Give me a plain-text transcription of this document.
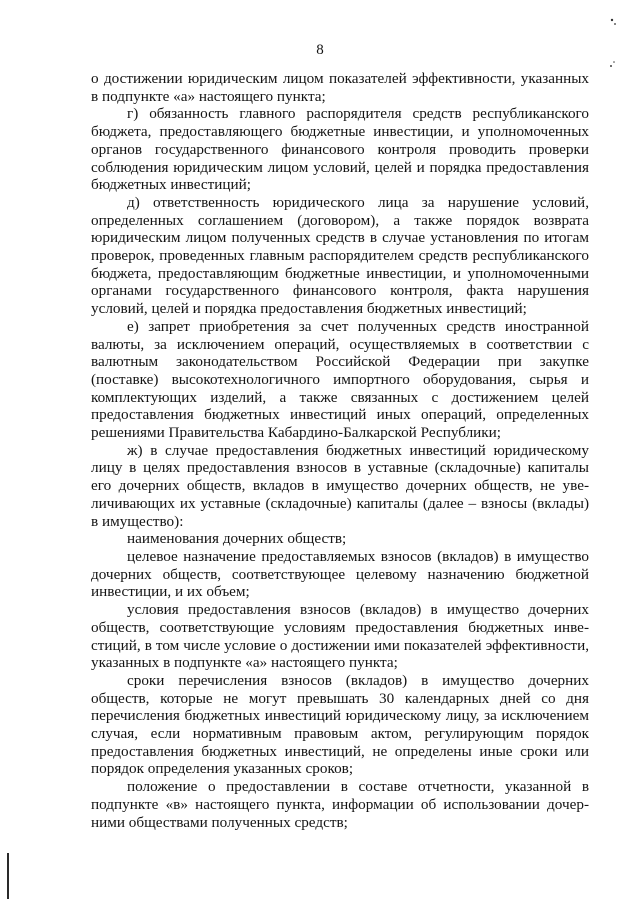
8

о достижении юридическим лицом показателей эффективности, указанных в подпункте «а» настоящего пункта;

г) обязанность главного распорядителя средств республиканского бюджета, предоставляющего бюджетные инвестиции, и уполномоченных органов государственного финансового контроля проводить проверки соблюдения юридическим лицом условий, целей и порядка предоставления бюджетных инвестиций;

д) ответственность юридического лица за нарушение условий, определенных соглашением (договором), а также порядок возврата юридическим лицом полученных средств в случае установления по итогам проверок, проведенных главным распорядителем средств республиканского бюджета, предоставляющим бюджетные инвестиции, и уполномоченными органами государственного финансового контроля, факта нарушения условий, целей и порядка предоставления бюджетных инвестиций;

е) запрет приобретения за счет полученных средств иностранной валюты, за исключением операций, осуществляемых в соответствии с валютным законодательством Российской Федерации при закупке (поставке) высокотехнологичного импортного оборудования, сырья и комплектующих изделий, а также связанных с достижением целей предоставления бюджетных инвестиций иных операций, определенных решениями Правительства Кабардино-Балкарской Республики;

ж) в случае предоставления бюджетных инвестиций юридическому лицу в целях предоставления взносов в уставные (складочные) капиталы его дочерних обществ, вкладов в имущество дочерних обществ, не увеличивающих их уставные (складочные) капиталы (далее – взносы (вклады) в имущество):

наименования дочерних обществ;

целевое назначение предоставляемых взносов (вкладов) в имущество дочерних обществ, соответствующее целевому назначению бюджетной инвестиции, и их объем;

условия предоставления взносов (вкладов) в имущество дочерних обществ, соответствующие условиям предоставления бюджетных инвестиций, в том числе условие о достижении ими показателей эффективности, указанных в подпункте «а» настоящего пункта;

сроки перечисления взносов (вкладов) в имущество дочерних обществ, которые не могут превышать 30 календарных дней со дня перечисления бюджетных инвестиций юридическому лицу, за исключением случая, если нормативным правовым актом, регулирующим порядок предоставления бюджетных инвестиций, не определены иные сроки или порядок определения указанных сроков;

положение о предоставлении в составе отчетности, указанной в подпункте «в» настоящего пункта, информации об использовании дочерними обществами полученных средств;
